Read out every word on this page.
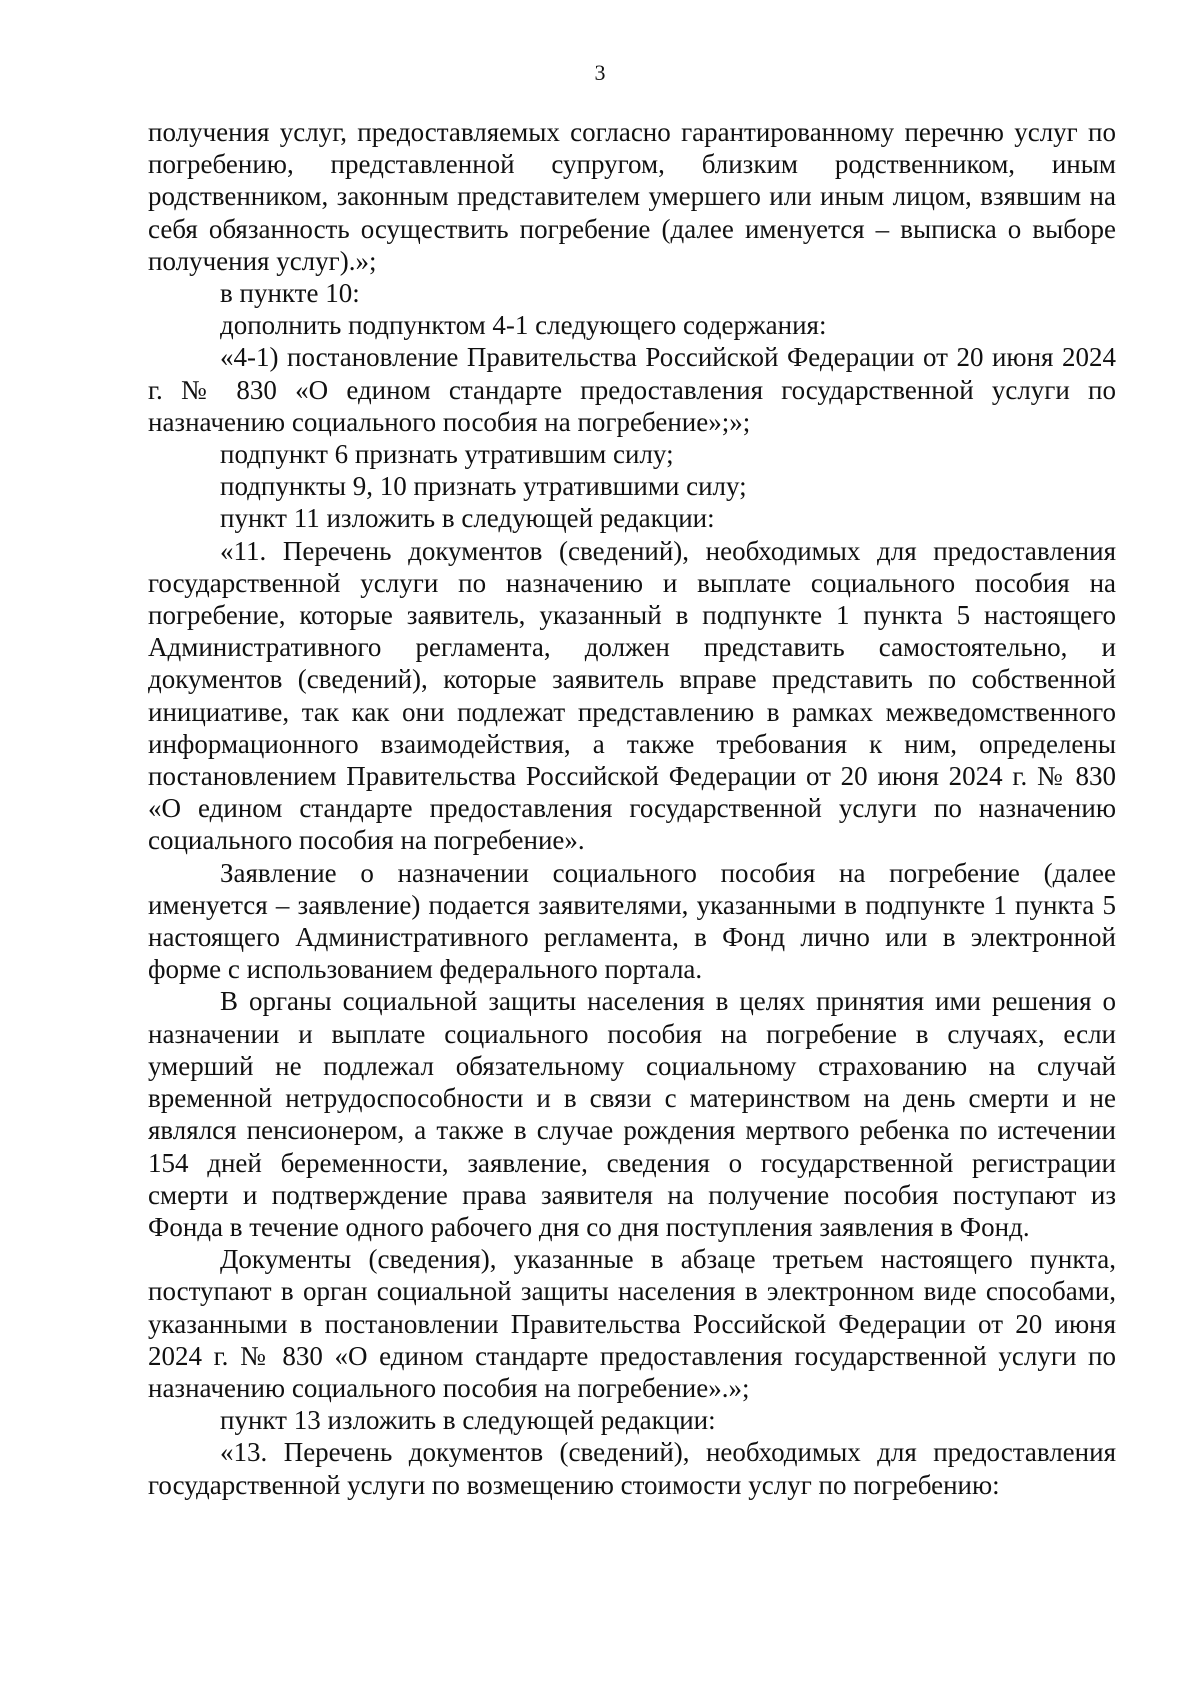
3

получения услуг, предоставляемых согласно гарантированному перечню услуг по погребению, представленной супругом, близким родственником, иным родственником, законным представителем умершего или иным лицом, взявшим на себя обязанность осуществить погребение (далее именуется – выписка о выборе получения услуг).»;

в пункте 10:

дополнить подпунктом 4-1 следующего содержания:

«4-1) постановление Правительства Российской Федерации от 20 июня 2024 г. № 830 «О едином стандарте предоставления государственной услуги по назначению социального пособия на погребение»;»;

подпункт 6 признать утратившим силу;

подпункты 9, 10 признать утратившими силу;

пункт 11 изложить в следующей редакции:

«11. Перечень документов (сведений), необходимых для предоставления государственной услуги по назначению и выплате социального пособия на погребение, которые заявитель, указанный в подпункте 1 пункта 5 настоящего Административного регламента, должен представить самостоятельно, и документов (сведений), которые заявитель вправе представить по собственной инициативе, так как они подлежат представлению в рамках межведомственного информационного взаимодействия, а также требования к ним, определены постановлением Правительства Российской Федерации от 20 июня 2024 г. № 830 «О едином стандарте предоставления государственной услуги по назначению социального пособия на погребение».

Заявление о назначении социального пособия на погребение (далее именуется – заявление) подается заявителями, указанными в подпункте 1 пункта 5 настоящего Административного регламента, в Фонд лично или в электронной форме с использованием федерального портала.

В органы социальной защиты населения в целях принятия ими решения о назначении и выплате социального пособия на погребение в случаях, если умерший не подлежал обязательному социальному страхованию на случай временной нетрудоспособности и в связи с материнством на день смерти и не являлся пенсионером, а также в случае рождения мертвого ребенка по истечении 154 дней беременности, заявление, сведения о государственной регистрации смерти и подтверждение права заявителя на получение пособия поступают из Фонда в течение одного рабочего дня со дня поступления заявления в Фонд.

Документы (сведения), указанные в абзаце третьем настоящего пункта, поступают в орган социальной защиты населения в электронном виде способами, указанными в постановлении Правительства Российской Федерации от 20 июня 2024 г. № 830 «О едином стандарте предоставления государственной услуги по назначению социального пособия на погребение».»;

пункт 13 изложить в следующей редакции:

«13. Перечень документов (сведений), необходимых для предоставления государственной услуги по возмещению стоимости услуг по погребению:
